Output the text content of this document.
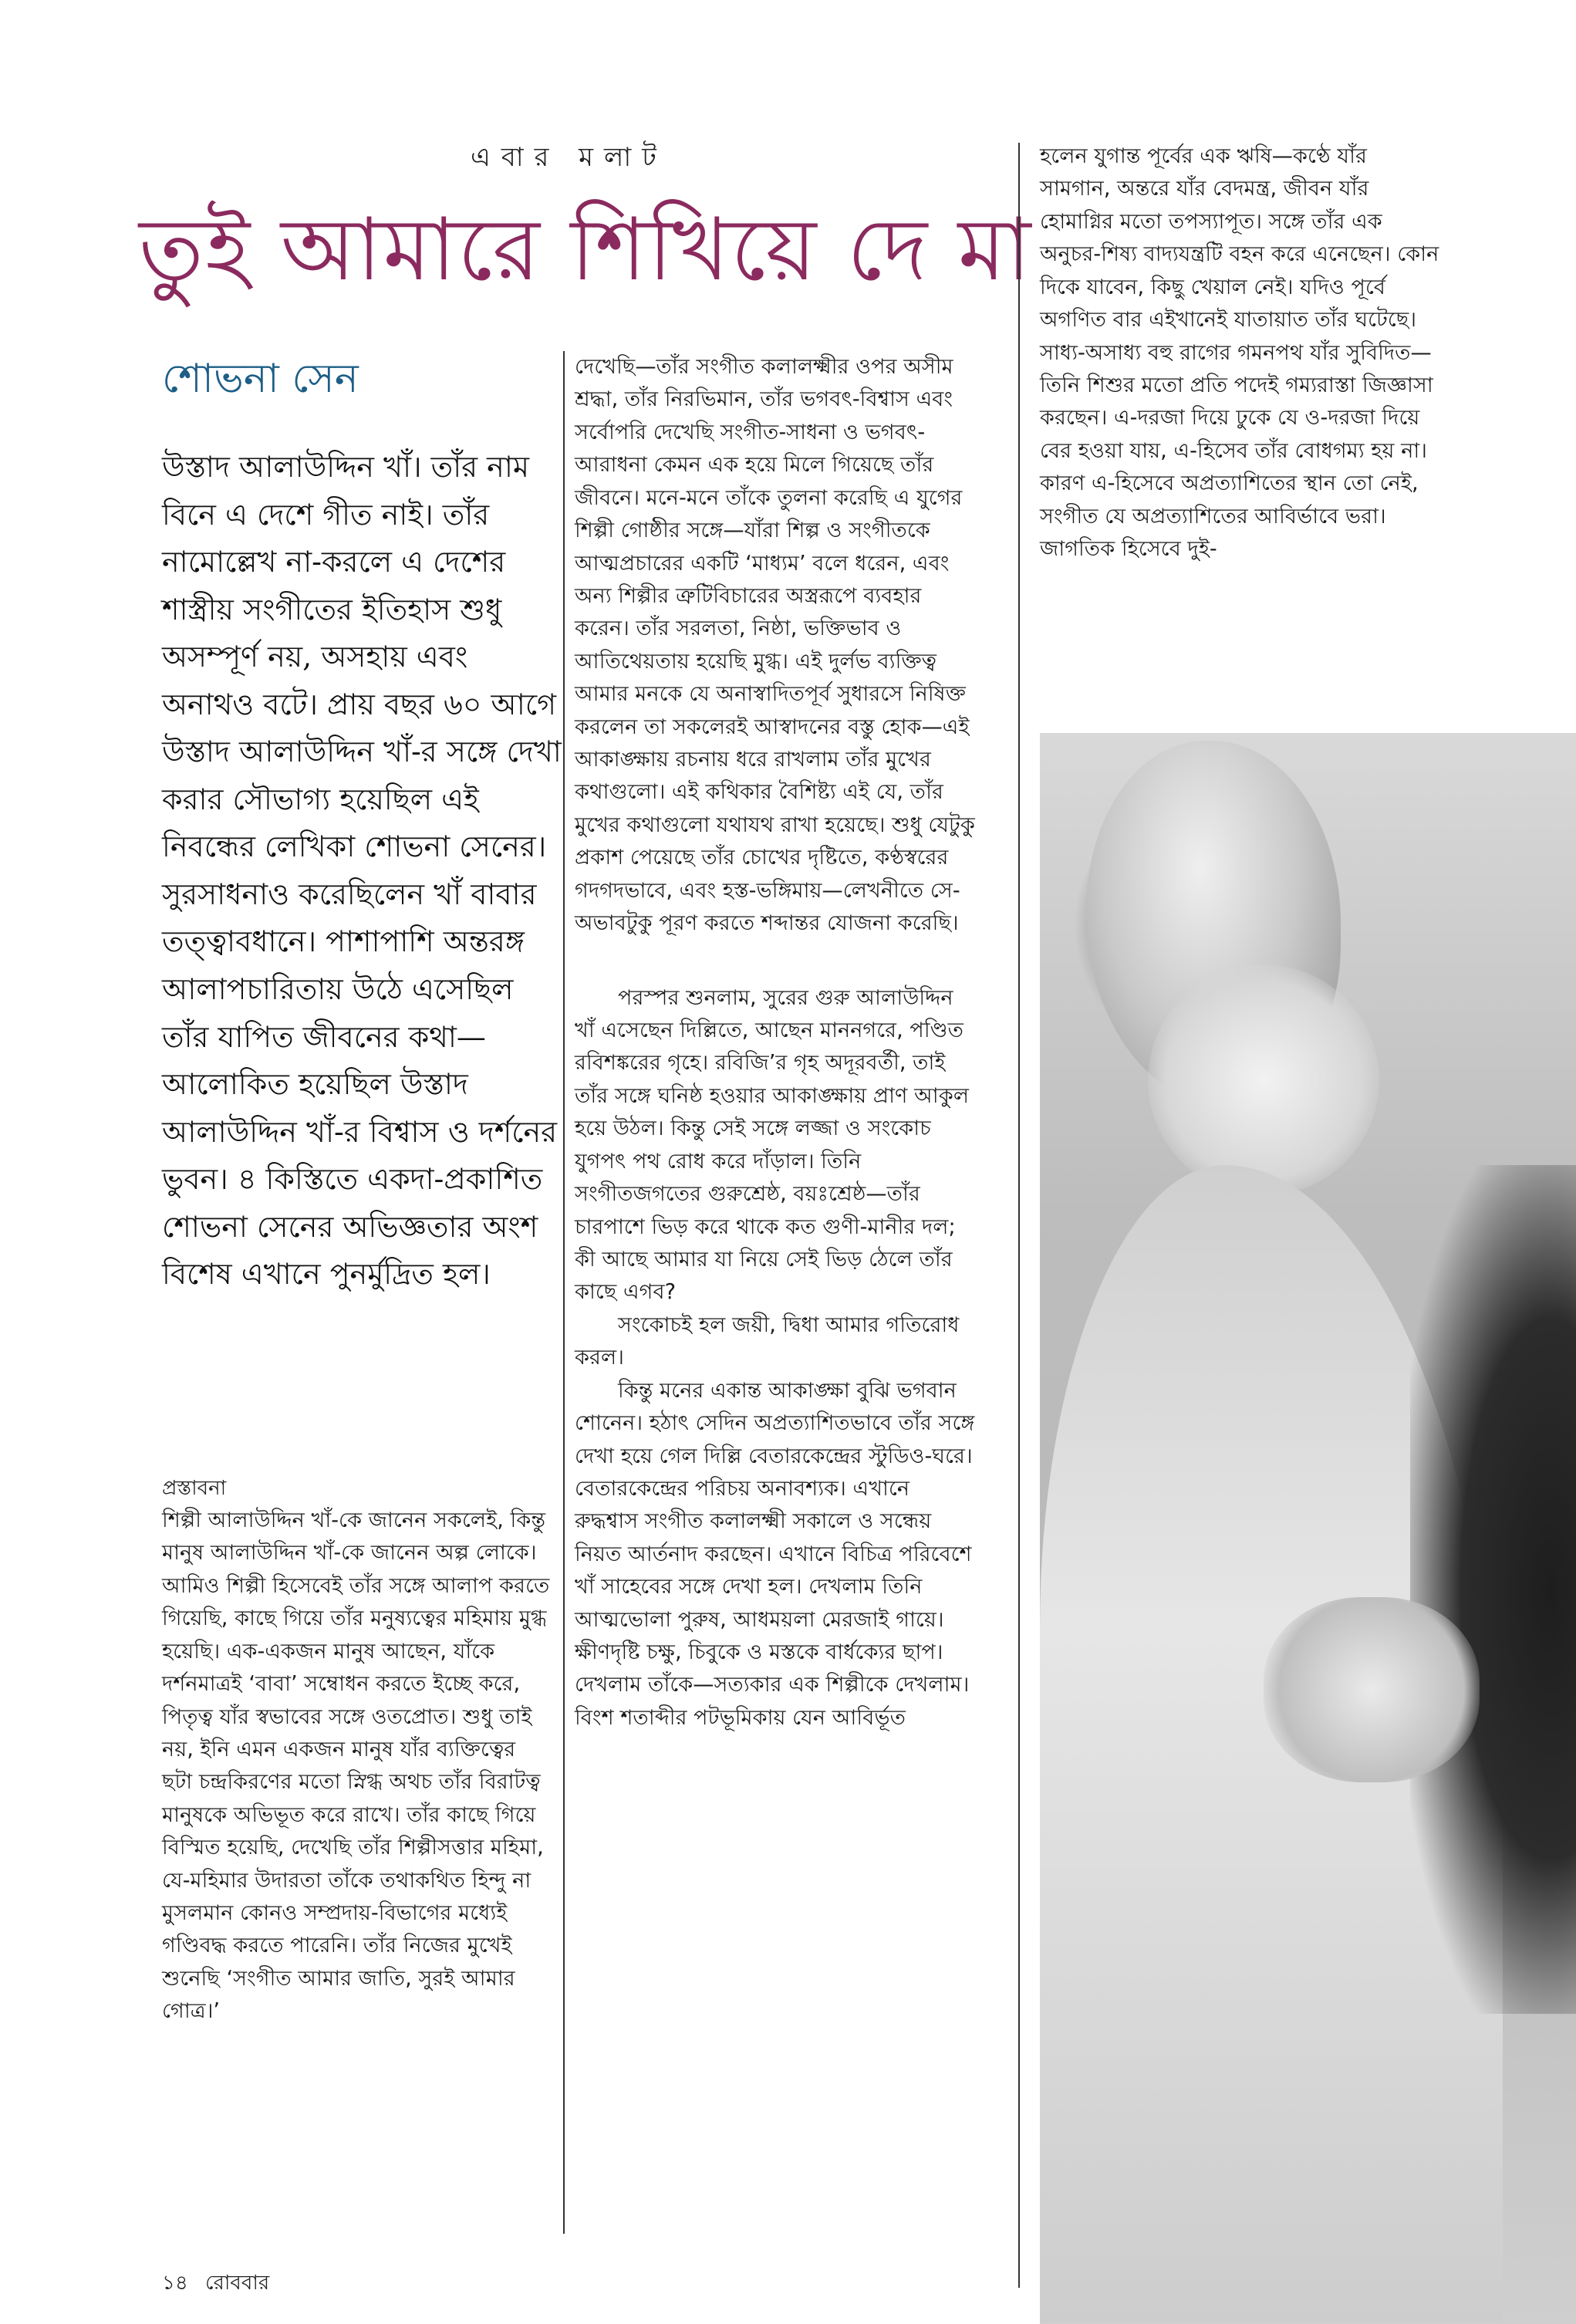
এবার মলাট
তুই আমারে শিখিয়ে দে মা
শোভনা সেন
উস্তাদ আলাউদ্দিন খাঁ। তাঁর নাম বিনে এ দেশে গীত নাই। তাঁর নামোল্লেখ না-করলে এ দেশের শাস্ত্রীয় সংগীতের ইতিহাস শুধু অসম্পূর্ণ নয়, অসহায় এবং অনাথও বটে। প্রায় বছর ৬০ আগে উস্তাদ আলাউদ্দিন খাঁ-র সঙ্গে দেখা করার সৌভাগ্য হয়েছিল এই নিবন্ধের লেখিকা শোভনা সেনের। সুরসাধনাও করেছিলেন খাঁ বাবার তত্ত্বাবধানে। পাশাপাশি অন্তরঙ্গ আলাপচারিতায় উঠে এসেছিল তাঁর যাপিত জীবনের কথা—আলোকিত হয়েছিল উস্তাদ আলাউদ্দিন খাঁ-র বিশ্বাস ও দর্শনের ভুবন। ৪ কিস্তিতে একদা-প্রকাশিত শোভনা সেনের অভিজ্ঞতার অংশ বিশেষ এখানে পুনর্মুদ্রিত হল।
প্রস্তাবনা

শিল্পী আলাউদ্দিন খাঁ-কে জানেন সকলেই, কিন্তু মানুষ আলাউদ্দিন খাঁ-কে জানেন অল্প লোকে। আমিও শিল্পী হিসেবেই তাঁর সঙ্গে আলাপ করতে গিয়েছি, কাছে গিয়ে তাঁর মনুষ্যত্বের মহিমায় মুগ্ধ হয়েছি। এক-একজন মানুষ আছেন, যাঁকে দর্শনমাত্রই ‘বাবা’ সম্বোধন করতে ইচ্ছে করে, পিতৃত্ব যাঁর স্বভাবের সঙ্গে ওতপ্রোত। শুধু তাই নয়, ইনি এমন একজন মানুষ যাঁর ব্যক্তিত্বের ছটা চন্দ্রকিরণের মতো স্নিগ্ধ অথচ তাঁর বিরাটত্ব মানুষকে অভিভূত করে রাখে। তাঁর কাছে গিয়ে বিস্মিত হয়েছি, দেখেছি তাঁর শিল্পীসত্তার মহিমা, যে-মহিমার উদারতা তাঁকে তথাকথিত হিন্দু না মুসলমান কোনও সম্প্রদায়-বিভাগের মধ্যেই গণ্ডিবদ্ধ করতে পারেনি। তাঁর নিজের মুখেই শুনেছি ‘সংগীত আমার জাতি, সুরই আমার গোত্র।’

দেখেছি—তাঁর সংগীত কলালক্ষ্মীর ওপর অসীম শ্রদ্ধা, তাঁর নিরভিমান, তাঁর ভগবৎ-বিশ্বাস এবং সর্বোপরি দেখেছি সংগীত-সাধনা ও ভগবৎ-আরাধনা কেমন এক হয়ে মিলে গিয়েছে তাঁর জীবনে। মনে-মনে তাঁকে তুলনা করেছি এ যুগের শিল্পী গোষ্ঠীর সঙ্গে—যাঁরা শিল্প ও সংগীতকে আত্মপ্রচারের একটি ‘মাধ্যম’ বলে ধরেন, এবং অন্য শিল্পীর ত্রুটিবিচারের অস্ত্ররূপে ব্যবহার করেন। তাঁর সরলতা, নিষ্ঠা, ভক্তিভাব ও আতিথেয়তায় হয়েছি মুগ্ধ। এই দুর্লভ ব্যক্তিত্ব আমার মনকে যে অনাস্বাদিতপূর্ব সুধারসে নিষিক্ত করলেন তা সকলেরই আস্বাদনের বস্তু হোক—এই আকাঙ্ক্ষায় রচনায় ধরে রাখলাম তাঁর মুখের কথাগুলো। এই কথিকার বৈশিষ্ট্য এই যে, তাঁর মুখের কথাগুলো যথাযথ রাখা হয়েছে। শুধু যেটুকু প্রকাশ পেয়েছে তাঁর চোখের দৃষ্টিতে, কণ্ঠস্বরের গদগদভাবে, এবং হস্ত-ভঙ্গিমায়—লেখনীতে সে-অভাবটুকু পূরণ করতে শব্দান্তর যোজনা করেছি।

পরস্পর শুনলাম, সুরের গুরু আলাউদ্দিন খাঁ এসেছেন দিল্লিতে, আছেন মাননগরে, পণ্ডিত রবিশঙ্করের গৃহে। রবিজি’র গৃহ অদূরবর্তী, তাই তাঁর সঙ্গে ঘনিষ্ঠ হওয়ার আকাঙ্ক্ষায় প্রাণ আকুল হয়ে উঠল। কিন্তু সেই সঙ্গে লজ্জা ও সংকোচ যুগপৎ পথ রোধ করে দাঁড়াল। তিনি সংগীতজগতের গুরুশ্রেষ্ঠ, বয়ঃশ্রেষ্ঠ—তাঁর চারপাশে ভিড় করে থাকে কত গুণী-মানীর দল; কী আছে আমার যা নিয়ে সেই ভিড় ঠেলে তাঁর কাছে এগব?

সংকোচই হল জয়ী, দ্বিধা আমার গতিরোধ করল।

কিন্তু মনের একান্ত আকাঙ্ক্ষা বুঝি ভগবান শোনেন। হঠাৎ সেদিন অপ্রত্যাশিতভাবে তাঁর সঙ্গে দেখা হয়ে গেল দিল্লি বেতারকেন্দ্রের স্টুডিও-ঘরে। বেতারকেন্দ্রের পরিচয় অনাবশ্যক। এখানে রুদ্ধশ্বাস সংগীত কলালক্ষ্মী সকালে ও সন্ধেয় নিয়ত আর্তনাদ করছেন। এখানে বিচিত্র পরিবেশে খাঁ সাহেবের সঙ্গে দেখা হল। দেখলাম তিনি আত্মভোলা পুরুষ, আধময়লা মেরজাই গায়ে। ক্ষীণদৃষ্টি চক্ষু, চিবুকে ও মস্তকে বার্ধক্যের ছাপ। দেখলাম তাঁকে—সত্যকার এক শিল্পীকে দেখলাম। বিংশ শতাব্দীর পটভূমিকায় যেন আবির্ভূত

হলেন যুগান্ত পূর্বের এক ঋষি—কণ্ঠে যাঁর সামগান, অন্তরে যাঁর বেদমন্ত্র, জীবন যাঁর হোমাগ্নির মতো তপস্যাপূত। সঙ্গে তাঁর এক অনুচর-শিষ্য বাদ্যযন্ত্রটি বহন করে এনেছেন। কোন দিকে যাবেন, কিছু খেয়াল নেই। যদিও পূর্বে অগণিত বার এইখানেই যাতায়াত তাঁর ঘটেছে। সাধ্য-অসাধ্য বহু রাগের গমনপথ যাঁর সুবিদিত—তিনি শিশুর মতো প্রতি পদেই গম্যরাস্তা জিজ্ঞাসা করছেন। এ-দরজা দিয়ে ঢুকে যে ও-দরজা দিয়ে বের হওয়া যায়, এ-হিসেব তাঁর বোধগম্য হয় না। কারণ এ-হিসেবে অপ্রত্যাশিতের স্থান তো নেই, সংগীত যে অপ্রত্যাশিতের আবির্ভাবে ভরা। জাগতিক হিসেবে দুই-

১৪ রোববার
